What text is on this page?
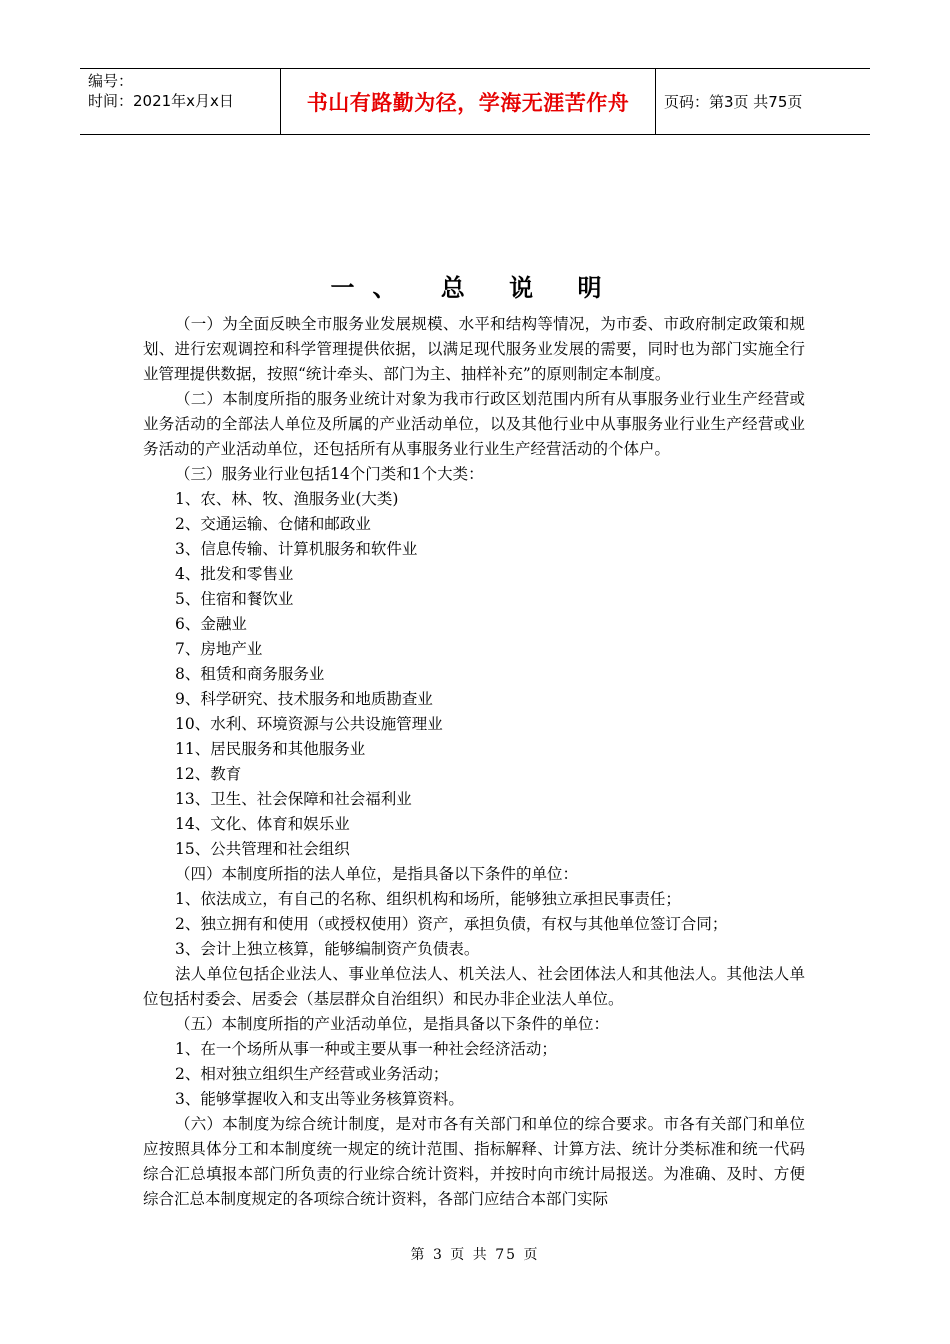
编号：
时间：2021年x月x日	书山有路勤为径，学海无涯苦作舟	页码：第3页 共75页
一、 总 说 明

（一）为全面反映全市服务业发展规模、水平和结构等情况，为市委、市政府制定政策和规划、进行宏观调控和科学管理提供依据，以满足现代服务业发展的需要，同时也为部门实施全行业管理提供数据，按照“统计牵头、部门为主、抽样补充”的原则制定本制度。

（二）本制度所指的服务业统计对象为我市行政区划范围内所有从事服务业行业生产经营或业务活动的全部法人单位及所属的产业活动单位，以及其他行业中从事服务业行业生产经营或业务活动的产业活动单位，还包括所有从事服务业行业生产经营活动的个体户。

（三）服务业行业包括14个门类和1个大类：

1、农、林、牧、渔服务业(大类)

2、交通运输、仓储和邮政业

3、信息传输、计算机服务和软件业

4、批发和零售业

5、住宿和餐饮业

6、金融业

7、房地产业

8、租赁和商务服务业

9、科学研究、技术服务和地质勘查业

10、水利、环境资源与公共设施管理业

11、居民服务和其他服务业

12、教育

13、卫生、社会保障和社会福利业

14、文化、体育和娱乐业

15、公共管理和社会组织

（四）本制度所指的法人单位，是指具备以下条件的单位：

1、依法成立，有自己的名称、组织机构和场所，能够独立承担民事责任；

2、独立拥有和使用（或授权使用）资产，承担负债，有权与其他单位签订合同；

3、会计上独立核算，能够编制资产负债表。

法人单位包括企业法人、事业单位法人、机关法人、社会团体法人和其他法人。其他法人单位包括村委会、居委会（基层群众自治组织）和民办非企业法人单位。

（五）本制度所指的产业活动单位，是指具备以下条件的单位：

1、在一个场所从事一种或主要从事一种社会经济活动；

2、相对独立组织生产经营或业务活动；

3、能够掌握收入和支出等业务核算资料。

（六）本制度为综合统计制度，是对市各有关部门和单位的综合要求。市各有关部门和单位应按照具体分工和本制度统一规定的统计范围、指标解释、计算方法、统计分类标准和统一代码综合汇总填报本部门所负责的行业综合统计资料，并按时向市统计局报送。为准确、及时、方便综合汇总本制度规定的各项综合统计资料，各部门应结合本部门实际

第 3 页 共 75 页
